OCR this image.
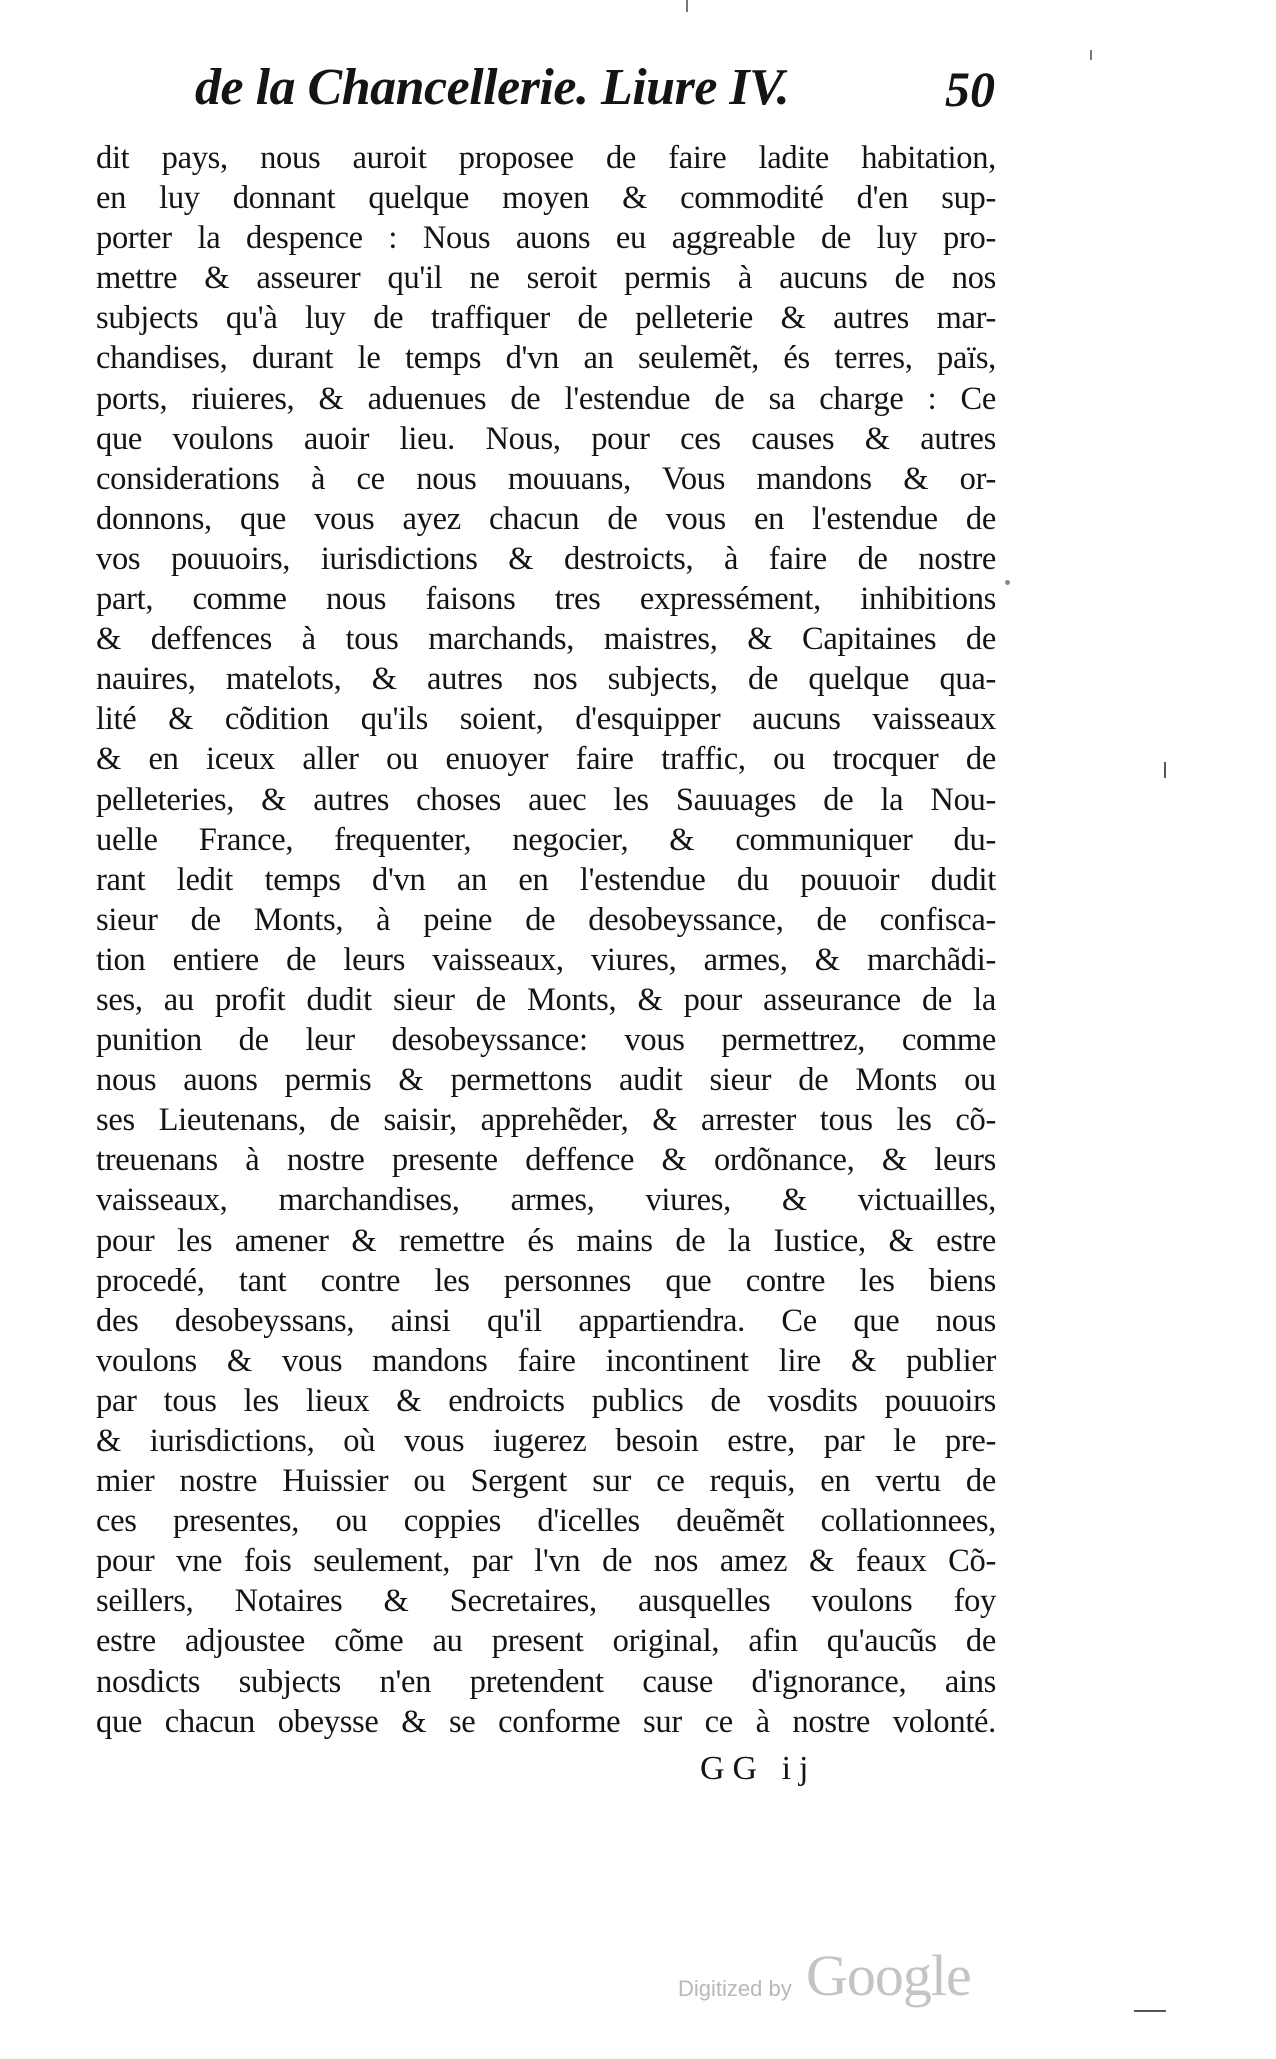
de la Chancellerie. Liure IV.	50
dit pays, nous auroit proposee de faire ladite habitation,
en luy donnant quelque moyen & commodité d'en sup-
porter la despence : Nous auons eu aggreable de luy pro-
mettre & asseurer qu'il ne seroit permis à aucuns de nos
subjects qu'à luy de traffiquer de pelleterie & autres mar-
chandises, durant le temps d'vn an seulemẽt, és terres, païs,
ports, riuieres, & aduenues de l'estendue de sa charge : Ce
que voulons auoir lieu. Nous, pour ces causes & autres
considerations à ce nous mouuans, Vous mandons & or-
donnons, que vous ayez chacun de vous en l'estendue de
vos pouuoirs, iurisdictions & destroicts, à faire de nostre
part, comme nous faisons tres expressément, inhibitions
& deffences à tous marchands, maistres, & Capitaines de
nauires, matelots, & autres nos subjects, de quelque qua-
lité & cõdition qu'ils soient, d'esquipper aucuns vaisseaux
& en iceux aller ou enuoyer faire traffic, ou trocquer de
pelleteries, & autres choses auec les Sauuages de la Nou-
uelle France, frequenter, negocier, & communiquer du-
rant ledit temps d'vn an en l'estendue du pouuoir dudit
sieur de Monts, à peine de desobeyssance, de confisca-
tion entiere de leurs vaisseaux, viures, armes, & marchãdi-
ses, au profit dudit sieur de Monts, & pour asseurance de la
punition de leur desobeyssance: vous permettrez, comme
nous auons permis & permettons audit sieur de Monts ou
ses Lieutenans, de saisir, apprehẽder, & arrester tous les cõ-
treuenans à nostre presente deffence & ordõnance, & leurs
vaisseaux, marchandises, armes, viures, & victuailles,
pour les amener & remettre és mains de la Iustice, & estre
procedé, tant contre les personnes que contre les biens
des desobeyssans, ainsi qu'il appartiendra. Ce que nous
voulons & vous mandons faire incontinent lire & publier
par tous les lieux & endroicts publics de vosdits pouuoirs
& iurisdictions, où vous iugerez besoin estre, par le pre-
mier nostre Huissier ou Sergent sur ce requis, en vertu de
ces presentes, ou coppies d'icelles deuẽmẽt collationnees,
pour vne fois seulement, par l'vn de nos amez & feaux Cõ-
seillers, Notaires & Secretaires, ausquelles voulons foy
estre adjoustee cõme au present original, afin qu'aucũs de
nosdicts subjects n'en pretendent cause d'ignorance, ains
que chacun obeysse & se conforme sur ce à nostre volonté.
GG ij
Digitized by Google
